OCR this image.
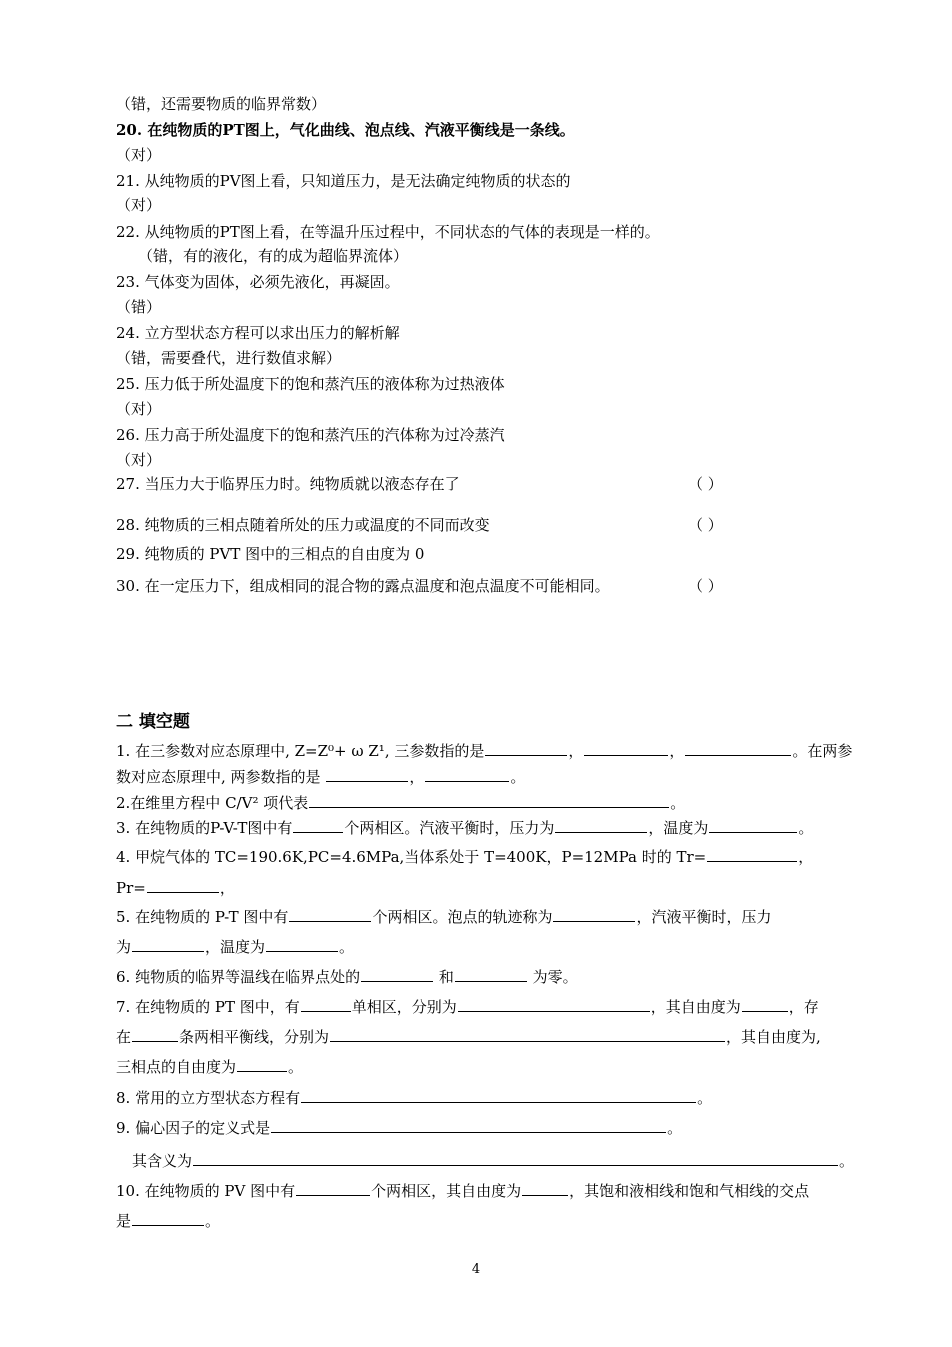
（错，还需要物质的临界常数）
20. 在纯物质的PT图上，气化曲线、泡点线、汽液平衡线是一条线。
（对）
21. 从纯物质的PV图上看，只知道压力，是无法确定纯物质的状态的
（对）
22. 从纯物质的PT图上看，在等温升压过程中，不同状态的气体的表现是一样的。
（错，有的液化，有的成为超临界流体）
23. 气体变为固体，必须先液化，再凝固。
（错）
24. 立方型状态方程可以求出压力的解析解
（错，需要叠代，进行数值求解）
25. 压力低于所处温度下的饱和蒸汽压的液体称为过热液体
（对）
26. 压力高于所处温度下的饱和蒸汽压的汽体称为过冷蒸汽
（对）
27. 当压力大于临界压力时。纯物质就以液态存在了	（ ）
28. 纯物质的三相点随着所处的压力或温度的不同而改变	（ ）
29. 纯物质的 PVT 图中的三相点的自由度为 0
30. 在一定压力下，组成相同的混合物的露点温度和泡点温度不可能相同。	（ ）
二 填空题
1. 在三参数对应态原理中, Z=Z⁰+ ω Z¹, 三参数指的是	，	，	。在两参
数对应态原理中, 两参数指的是	，	。
2.在维里方程中 C/V² 项代表	。
3. 在纯物质的P-V-T图中有	个两相区。汽液平衡时，压力为	，温度为	。
4. 甲烷气体的 TC=190.6K,PC=4.6MPa,当体系处于 T=400K，P=12MPa 时的 Tr=	，
Pr=	，
5. 在纯物质的 P-T 图中有	个两相区。泡点的轨迹称为	，汽液平衡时，压力
为	，温度为	。
6. 纯物质的临界等温线在临界点处的	和	为零。
7. 在纯物质的 PT 图中，有	单相区，分别为	，其自由度为	，存
在	条两相平衡线，分别为	，其自由度为,
三相点的自由度为	。
8. 常用的立方型状态方程有	。
9. 偏心因子的定义式是	。
其含义为	。
10. 在纯物质的 PV 图中有	个两相区，其自由度为	，其饱和液相线和饱和气相线的交点
是	。
4
